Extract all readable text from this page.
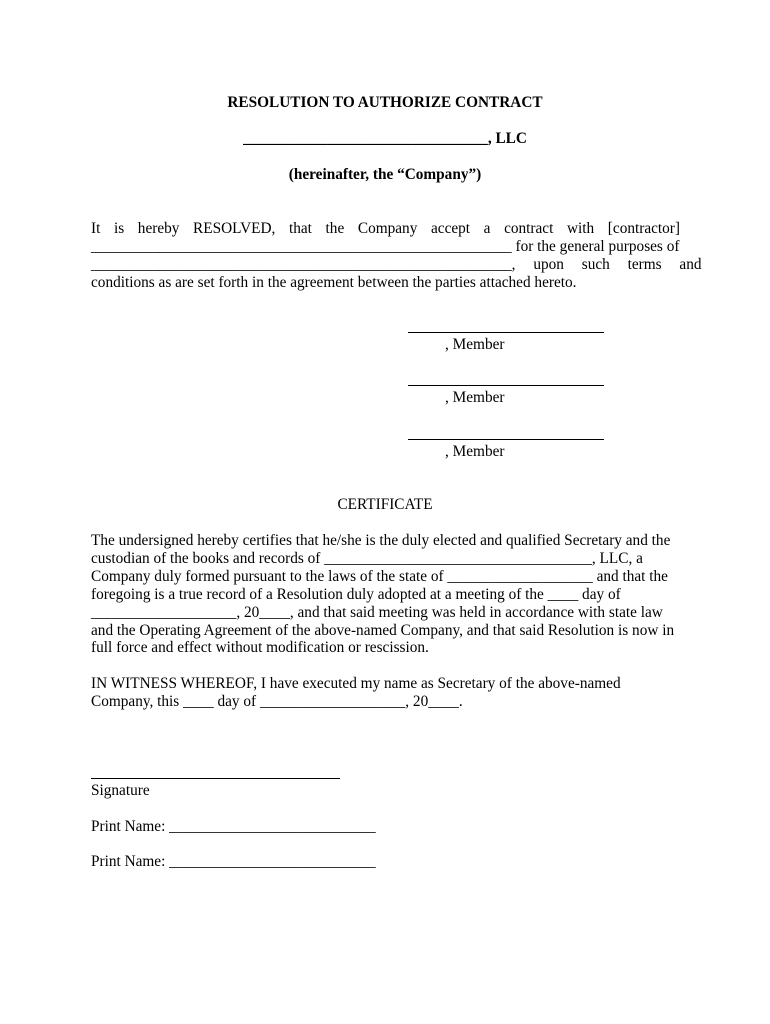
RESOLUTION TO AUTHORIZE CONTRACT
________________________________, LLC
(hereinafter, the “Company”)
It is hereby RESOLVED, that the Company accept a contract with [contractor]
_______________________________________________________ for the general purposes of
_______________________________________________________ , upon such terms and
conditions as are set forth in the agreement between the parties attached hereto.
, Member
, Member
, Member
CERTIFICATE
The undersigned hereby certifies that he/she is the duly elected and qualified Secretary and the
custodian of the books and records of ___________________________________, LLC, a
Company duly formed pursuant to the laws of the state of ___________________ and that the
foregoing is a true record of a Resolution duly adopted at a meeting of the ____ day of
___________________, 20____, and that said meeting was held in accordance with state law
and the Operating Agreement of the above-named Company, and that said Resolution is now in
full force and effect without modification or rescission.
IN WITNESS WHEREOF, I have executed my name as Secretary of the above-named
Company, this ____ day of ___________________, 20____.
Signature
Print Name: ___________________________
Print Name: ___________________________
